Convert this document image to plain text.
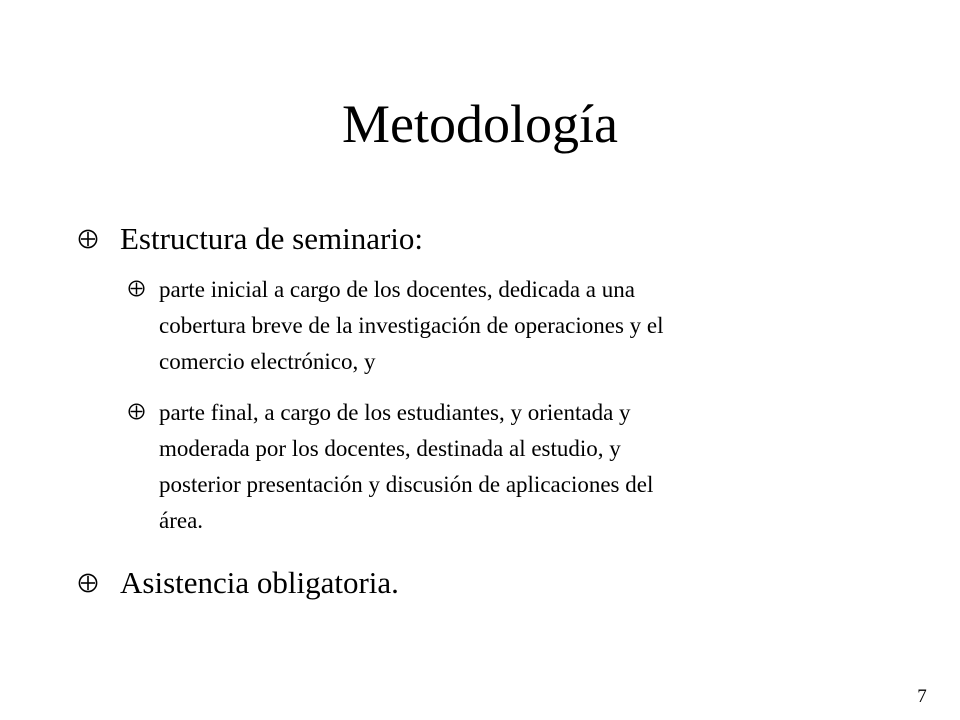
Metodología
Estructura de seminario:
parte inicial a cargo de los docentes, dedicada a una
cobertura breve de la investigación de operaciones y el
comercio electrónico, y
parte final, a cargo de los estudiantes, y orientada y
moderada por los docentes, destinada al estudio, y
posterior presentación y discusión de aplicaciones del
área.
Asistencia obligatoria.
7
